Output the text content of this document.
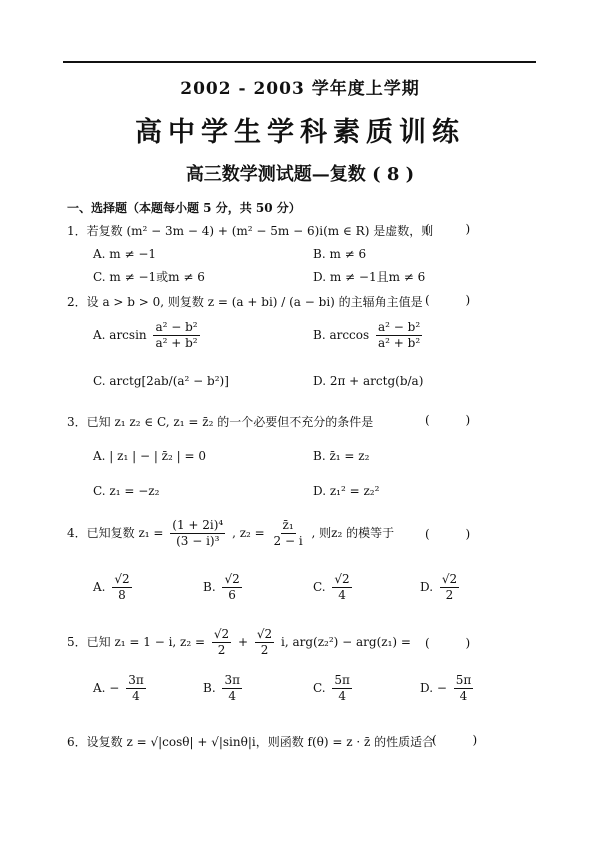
2002 - 2003 学年度上学期
高中学生学科素质训练
高三数学测试题—复数 ( 8 )
一、选择题（本题每小题 5 分，共 50 分）
1．若复数 (m² − 3m − 4) + (m² − 5m − 6)i(m ∈ R) 是虚数，则
( )
A. m ≠ −1	B. m ≠ 6
C. m ≠ −1或m ≠ 6	D. m ≠ −1且m ≠ 6
2．设 a > b > 0, 则复数 z = (a + bi) / (a − bi) 的主辐角主值是 ( )
A. $\arcsin \frac{\text{a² − b²}}{\text{a² + b²}}$	B. $\arccos \frac{\text{a² − b²}}{\text{a² + b²}}$
C. arctg[2ab/(a² − b²)]	D. 2π + arctg(b/a)
3．已知 z₁ z₂ ∈ C, z₁ = z̄₂ 的一个必要但不充分的条件是	( )
A. | z₁ | − | z̄₂ | = 0	B. z̄₁ = z₂
C. z₁ = −z₂	D. z₁² = z₂²
4．已知复数 $z_1 = \frac{\text{(1 + 2i)⁴}}{\text{(3 − i)³}}$ , $z_2 = \frac{\text{z̄₁}}{2 - i}$ , 则z₂ 的模等于	( )
A. $\frac{√2}{8}$	B. $\frac{√2}{6}$	C. $\frac{√2}{4}$	D. $\frac{√2}{2}$
5．已知 z₁ = 1 − i, $z_2 = \frac{√2}{2} + \frac{√2}{2} i$, arg(z₂²) − arg(z₁) = ( )
A. − $\frac{3\pi}{4}$	B. $\frac{3\pi}{4}$	C. $\frac{5\pi}{4}$	D. − $\frac{5\pi}{4}$
6．设复数 z = √|cosθ| + √|sinθ|i，则函数 f(θ) = z · z̄ 的性质适合
( )
